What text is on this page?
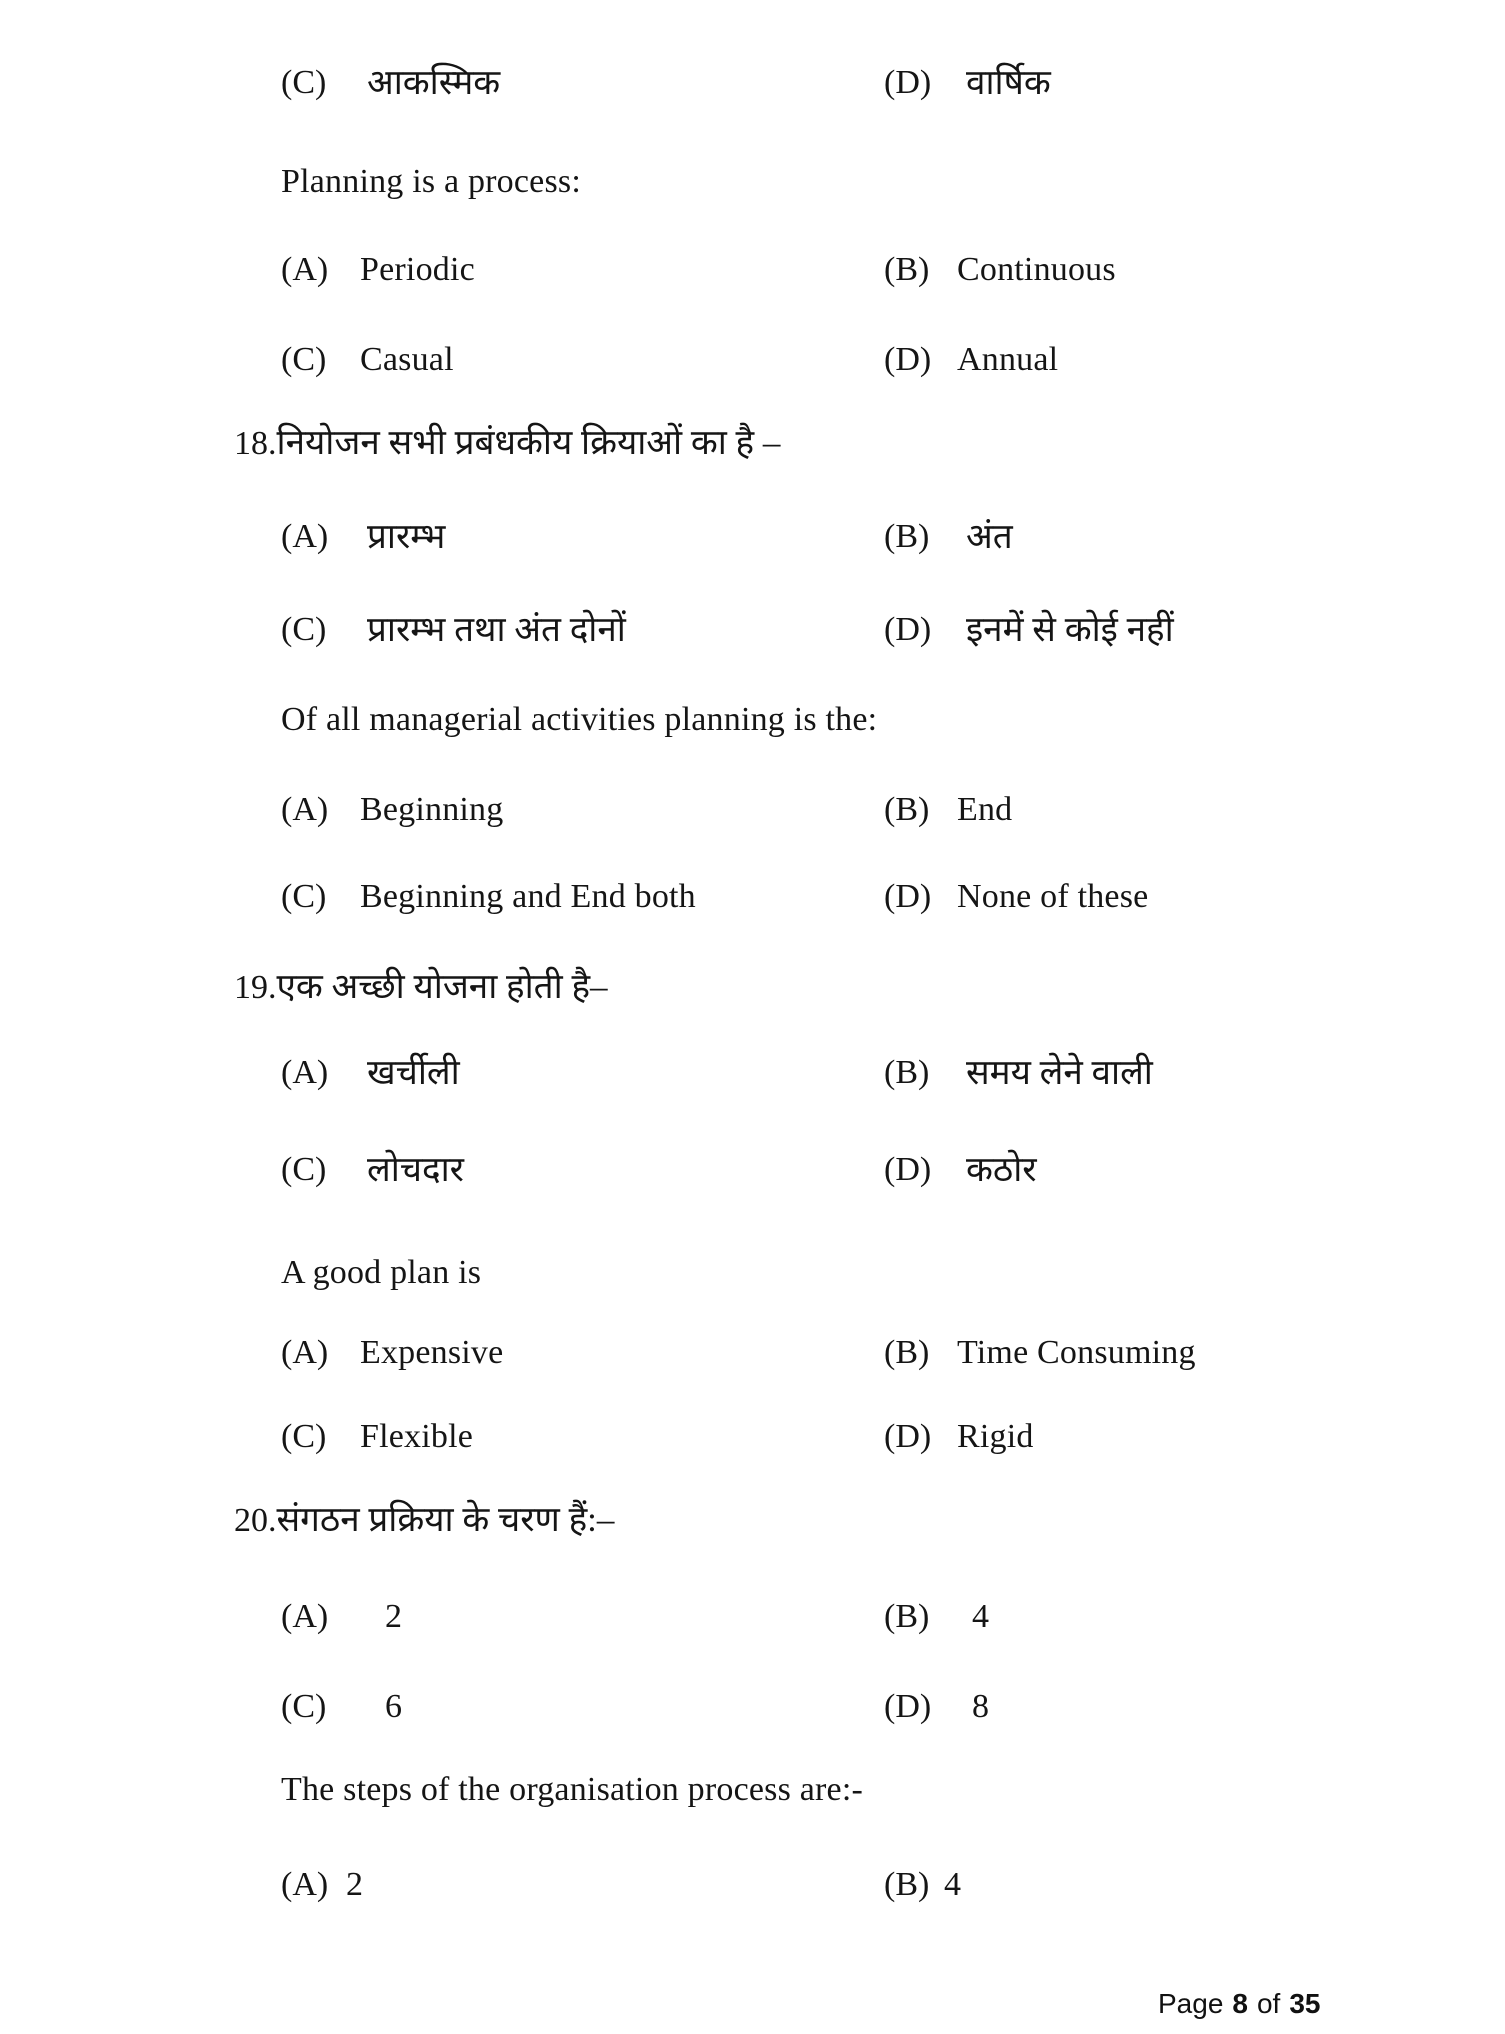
(C) आकस्मिक	(D) वार्षिक
Planning is a process:
(A) Periodic	(B) Continuous
(C) Casual	(D) Annual
18.नियोजन सभी प्रबंधकीय क्रियाओं का है –
(A) प्रारम्भ	(B) अंत
(C) प्रारम्भ तथा अंत दोनों	(D) इनमें से कोई नहीं
Of all managerial activities planning is the:
(A) Beginning	(B) End
(C) Beginning and End both	(D) None of these
19.एक अच्छी योजना होती है–
(A) खर्चीली	(B) समय लेने वाली
(C) लोचदार	(D) कठोर
A good plan is
(A) Expensive	(B) Time Consuming
(C) Flexible	(D) Rigid
20.संगठन प्रक्रिया के चरण हैं:–
(A) 2	(B) 4
(C) 6	(D) 8
The steps of the organisation process are:-
(A) 2	(B) 4
Page 8 of 35
